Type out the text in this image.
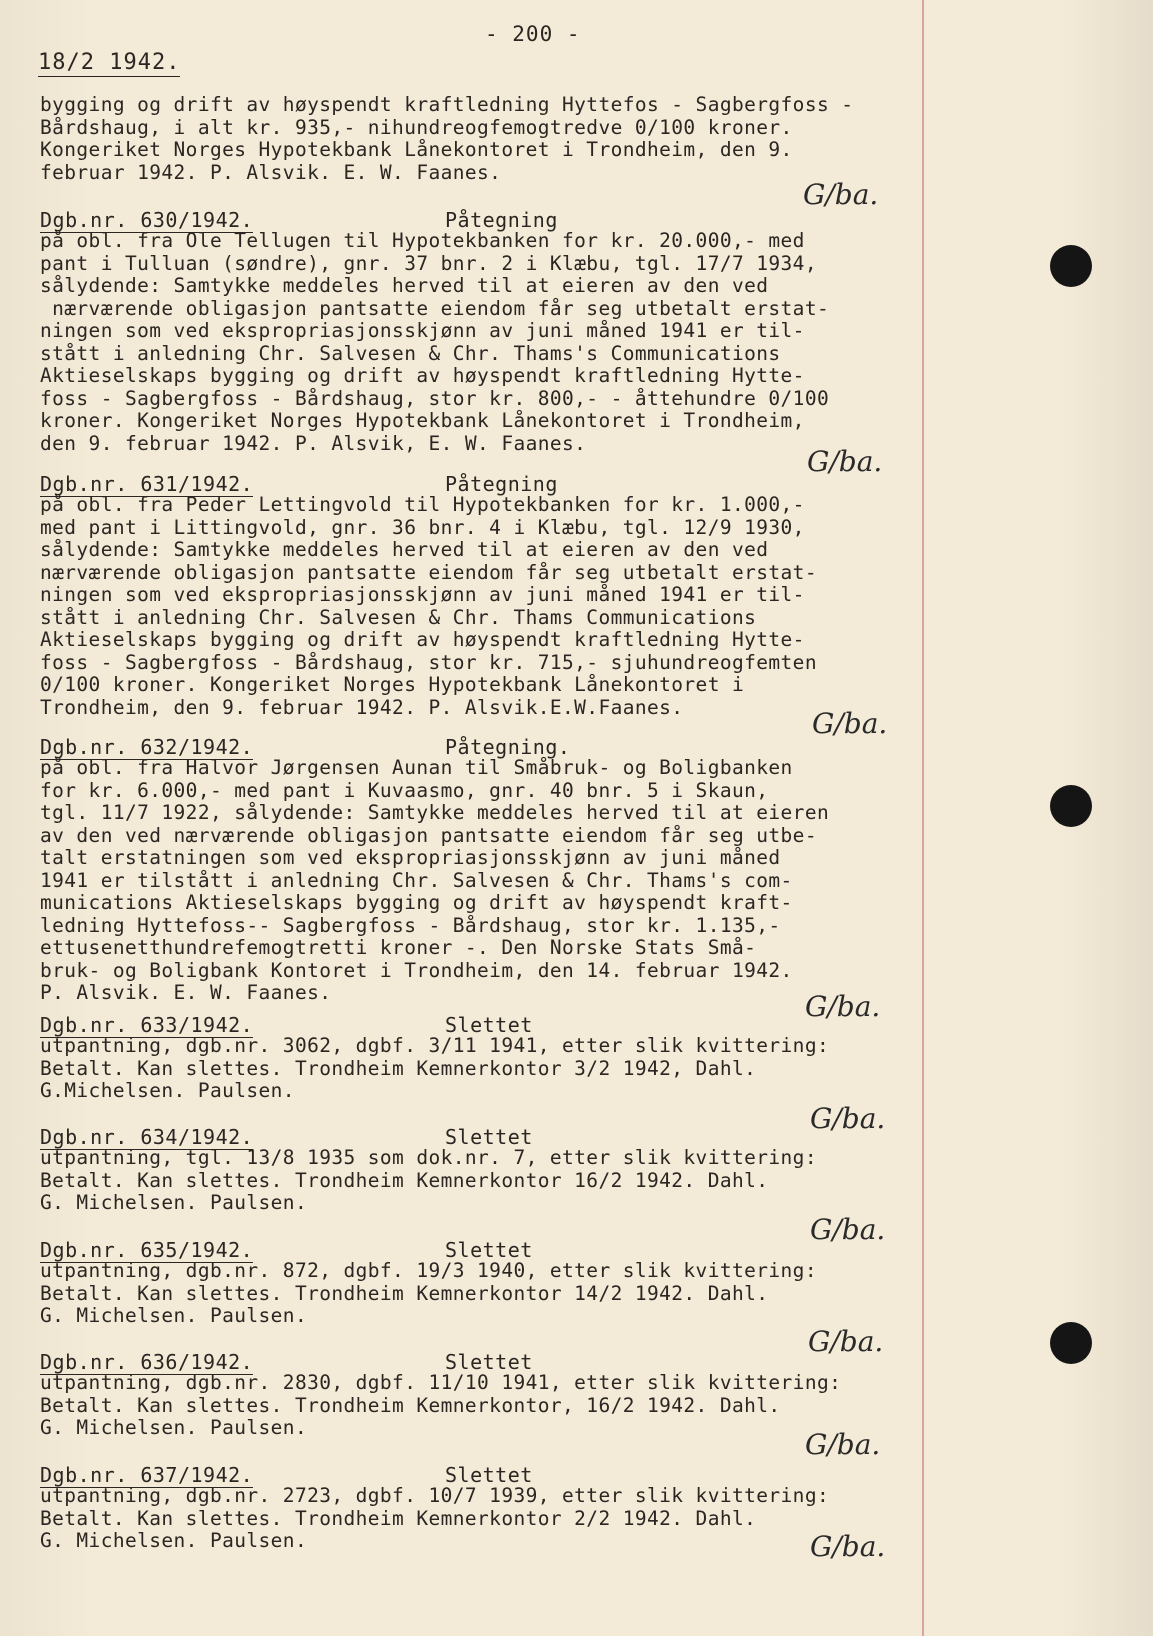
- 200 -
18/2 1942.
bygging og drift av høyspendt kraftledning Hyttefos - Sagbergfoss -
Bårdshaug, i alt kr. 935,- nihundreogfemogtredve 0/100 kroner.
Kongeriket Norges Hypotekbank Lånekontoret i Trondheim, den 9.
februar 1942. P. Alsvik. E. W. Faanes.
Dgb.nr. 630/1942.	Påtegning
på obl. fra Ole Tellugen til Hypotekbanken for kr. 20.000,- med
pant i Tulluan (søndre), gnr. 37 bnr. 2 i Klæbu, tgl. 17/7 1934,
sålydende: Samtykke meddeles herved til at eieren av den ved
nærværende obligasjon pantsatte eiendom får seg utbetalt erstat-
ningen som ved ekspropriasjonsskjønn av juni måned 1941 er til-
stått i anledning Chr. Salvesen & Chr. Thams's Communications
Aktieselskaps bygging og drift av høyspendt kraftledning Hytte-
foss - Sagbergfoss - Bårdshaug, stor kr. 800,- - åttehundre 0/100
kroner. Kongeriket Norges Hypotekbank Lånekontoret i Trondheim,
den 9. februar 1942. P. Alsvik, E. W. Faanes.
Dgb.nr. 631/1942.	Påtegning
på obl. fra Peder Lettingvold til Hypotekbanken for kr. 1.000,-
med pant i Littingvold, gnr. 36 bnr. 4 i Klæbu, tgl. 12/9 1930,
sålydende: Samtykke meddeles herved til at eieren av den ved
nærværende obligasjon pantsatte eiendom får seg utbetalt erstat-
ningen som ved ekspropriasjonsskjønn av juni måned 1941 er til-
stått i anledning Chr. Salvesen & Chr. Thams Communications
Aktieselskaps bygging og drift av høyspendt kraftledning Hytte-
foss - Sagbergfoss - Bårdshaug, stor kr. 715,- sjuhundreogfemten
0/100 kroner. Kongeriket Norges Hypotekbank Lånekontoret i
Trondheim, den 9. februar 1942. P. Alsvik.E.W.Faanes.
Dgb.nr. 632/1942.	Påtegning.
på obl. fra Halvor Jørgensen Aunan til Småbruk- og Boligbanken
for kr. 6.000,- med pant i Kuvaasmo, gnr. 40 bnr. 5 i Skaun,
tgl. 11/7 1922, sålydende: Samtykke meddeles herved til at eieren
av den ved nærværende obligasjon pantsatte eiendom får seg utbe-
talt erstatningen som ved ekspropriasjonsskjønn av juni måned
1941 er tilstått i anledning Chr. Salvesen & Chr. Thams's com-
munications Aktieselskaps bygging og drift av høyspendt kraft-
ledning Hyttefoss-- Sagbergfoss - Bårdshaug, stor kr. 1.135,-
ettusenetthundrefemogtretti kroner -. Den Norske Stats Små-
bruk- og Boligbank Kontoret i Trondheim, den 14. februar 1942.
P. Alsvik. E. W. Faanes.
Dgb.nr. 633/1942.	Slettet
utpantning, dgb.nr. 3062, dgbf. 3/11 1941, etter slik kvittering:
Betalt. Kan slettes. Trondheim Kemnerkontor 3/2 1942, Dahl.
G.Michelsen. Paulsen.
Dgb.nr. 634/1942.	Slettet
utpantning, tgl. 13/8 1935 som dok.nr. 7, etter slik kvittering:
Betalt. Kan slettes. Trondheim Kemnerkontor 16/2 1942. Dahl.
G. Michelsen. Paulsen.
Dgb.nr. 635/1942.	Slettet
utpantning, dgb.nr. 872, dgbf. 19/3 1940, etter slik kvittering:
Betalt. Kan slettes. Trondheim Kemnerkontor 14/2 1942. Dahl.
G. Michelsen. Paulsen.
Dgb.nr. 636/1942.	Slettet
utpantning, dgb.nr. 2830, dgbf. 11/10 1941, etter slik kvittering:
Betalt. Kan slettes. Trondheim Kemnerkontor, 16/2 1942. Dahl.
G. Michelsen. Paulsen.
Dgb.nr. 637/1942.	Slettet
utpantning, dgb.nr. 2723, dgbf. 10/7 1939, etter slik kvittering:
Betalt. Kan slettes. Trondheim Kemnerkontor 2/2 1942. Dahl.
G. Michelsen. Paulsen.
G/ba.
G/ba.
G/ba.
G/ba.
G/ba.
G/ba.
G/ba.
G/ba.
G/ba.
